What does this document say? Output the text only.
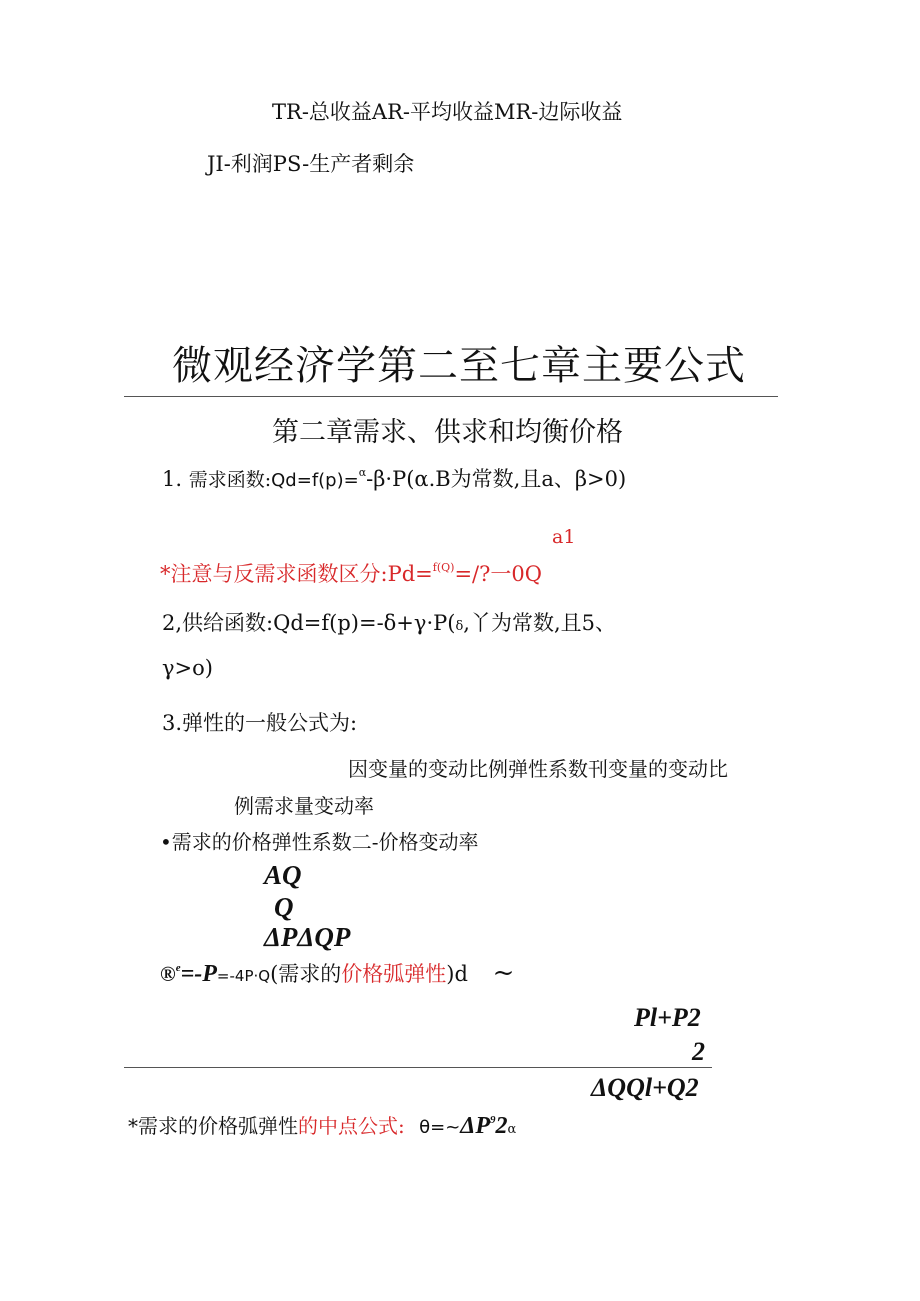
TR-总收益AR-平均收益MR-边际收益
JI-利润PS-生产者剩余
微观经济学第二至七章主要公式
第二章需求、供求和均衡价格
1. 需求函数:Qd=f(p)=$^\alpha$-β·P(α.B为常数,且a、β>0)
a1
*注意与反需求函数区分:Pd=$^{f(Q)}$=/?一0Q
2,供给函数:Qd=f(p)=-δ+γ·P(δ,丫为常数,且5、
γ>o)
3.弹性的一般公式为:
因变量的变动比例弹性系数刊变量的变动比
例需求量变动率
•需求的价格弹性系数二-价格变动率
AQ
Q
ΔPΔQP
®$^e$=-P=-4P·Q(需求的价格弧弹性)d ~
Pl+P2
2
ΔQQl+Q2
*需求的价格弧弹性的中点公式: $\theta=\sim\Delta P^92\alpha$
